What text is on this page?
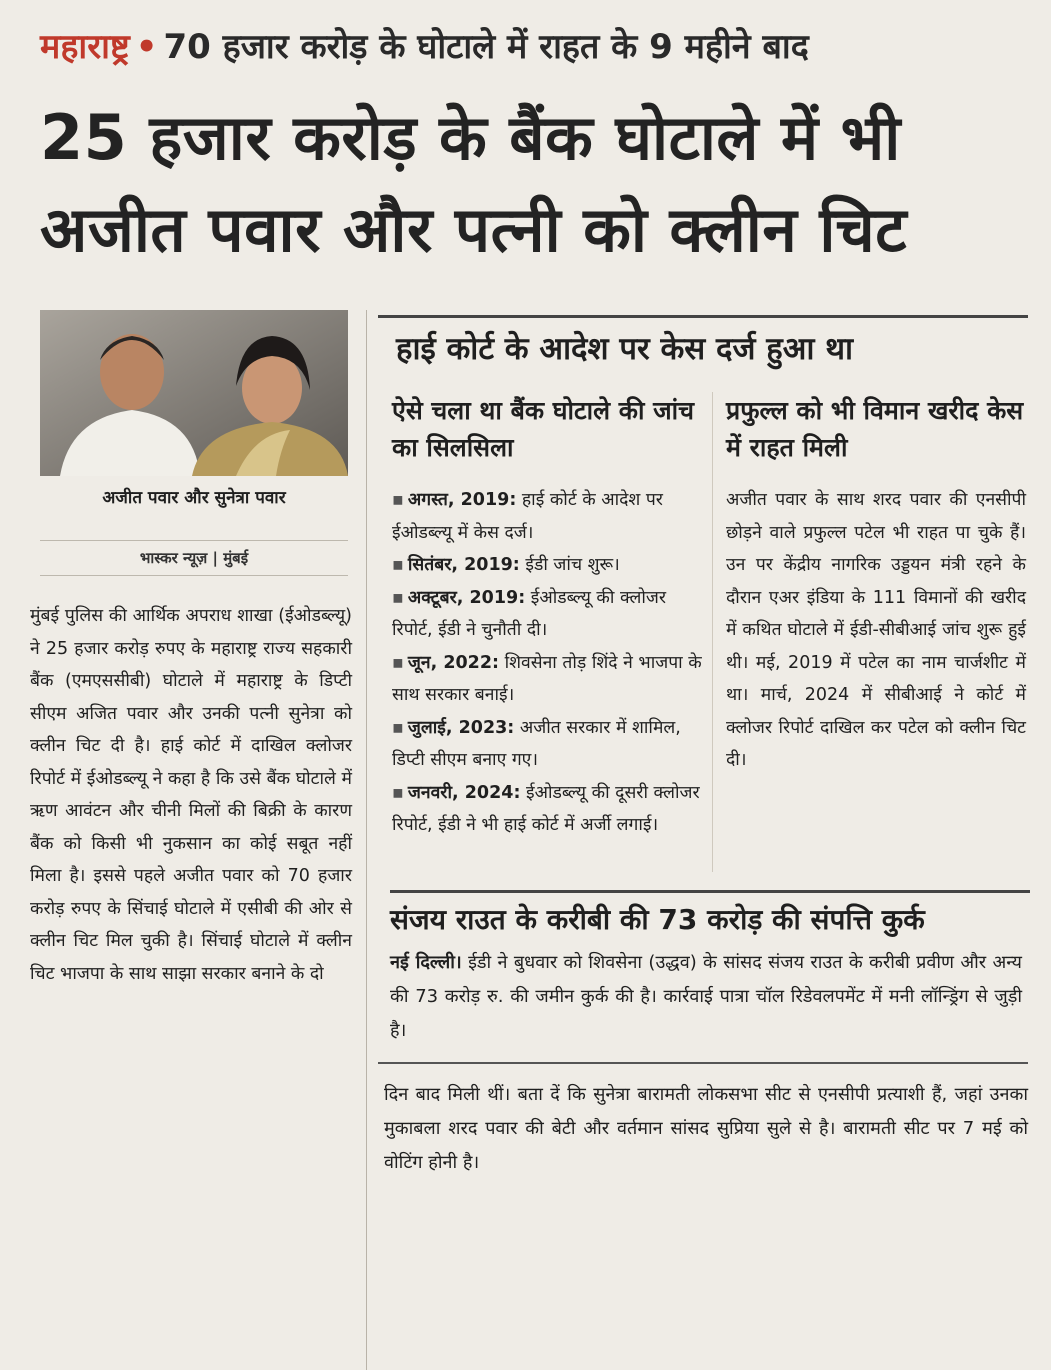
महाराष्ट्र • 70 हजार करोड़ के घोटाले में राहत के 9 महीने बाद
25 हजार करोड़ के बैंक घोटाले में भी
अजीत पवार और पत्नी को क्लीन चिट
अजीत पवार और सुनेत्रा पवार
भास्कर न्यूज़ | मुंबई
मुंबई पुलिस की आर्थिक अपराध शाखा (ईओडब्ल्यू) ने 25 हजार करोड़ रुपए के महाराष्ट्र राज्य सहकारी बैंक (एमएससीबी) घोटाले में महाराष्ट्र के डिप्टी सीएम अजित पवार और उनकी पत्नी सुनेत्रा को क्लीन चिट दी है। हाई कोर्ट में दाखिल क्लोजर रिपोर्ट में ईओडब्ल्यू ने कहा है कि उसे बैंक घोटाले में ऋण आवंटन और चीनी मिलों की बिक्री के कारण बैंक को किसी भी नुकसान का कोई सबूत नहीं मिला है। इससे पहले अजीत पवार को 70 हजार करोड़ रुपए के सिंचाई घोटाले में एसीबी की ओर से क्लीन चिट मिल चुकी है। सिंचाई घोटाले में क्लीन चिट भाजपा के साथ साझा सरकार बनाने के दो
हाई कोर्ट के आदेश पर केस दर्ज हुआ था
ऐसे चला था बैंक घोटाले की जांच का सिलसिला
प्रफुल्ल को भी विमान खरीद केस में राहत मिली
▪ अगस्त, 2019: हाई कोर्ट के आदेश पर ईओडब्ल्यू में केस दर्ज।
▪ सितंबर, 2019: ईडी जांच शुरू।
▪ अक्टूबर, 2019: ईओडब्ल्यू की क्लोजर रिपोर्ट, ईडी ने चुनौती दी।
▪ जून, 2022: शिवसेना तोड़ शिंदे ने भाजपा के साथ सरकार बनाई।
▪ जुलाई, 2023: अजीत सरकार में शामिल, डिप्टी सीएम बनाए गए।
▪ जनवरी, 2024: ईओडब्ल्यू की दूसरी क्लोजर रिपोर्ट, ईडी ने भी हाई कोर्ट में अर्जी लगाई।
अजीत पवार के साथ शरद पवार की एनसीपी छोड़ने वाले प्रफुल्ल पटेल भी राहत पा चुके हैं। उन पर केंद्रीय नागरिक उड्डयन मंत्री रहने के दौरान एअर इंडिया के 111 विमानों की खरीद में कथित घोटाले में ईडी-सीबीआई जांच शुरू हुई थी। मई, 2019 में पटेल का नाम चार्जशीट में था। मार्च, 2024 में सीबीआई ने कोर्ट में क्लोजर रिपोर्ट दाखिल कर पटेल को क्लीन चिट दी।
संजय राउत के करीबी की 73 करोड़ की संपत्ति कुर्क
नई दिल्ली। ईडी ने बुधवार को शिवसेना (उद्धव) के सांसद संजय राउत के करीबी प्रवीण और अन्य की 73 करोड़ रु. की जमीन कुर्क की है। कार्रवाई पात्रा चॉल रिडेवलपमेंट में मनी लॉन्ड्रिंग से जुड़ी है।
दिन बाद मिली थीं। बता दें कि सुनेत्रा बारामती लोकसभा सीट से एनसीपी प्रत्याशी हैं, जहां उनका मुकाबला शरद पवार की बेटी और वर्तमान सांसद सुप्रिया सुले से है। बारामती सीट पर 7 मई को वोटिंग होनी है।
